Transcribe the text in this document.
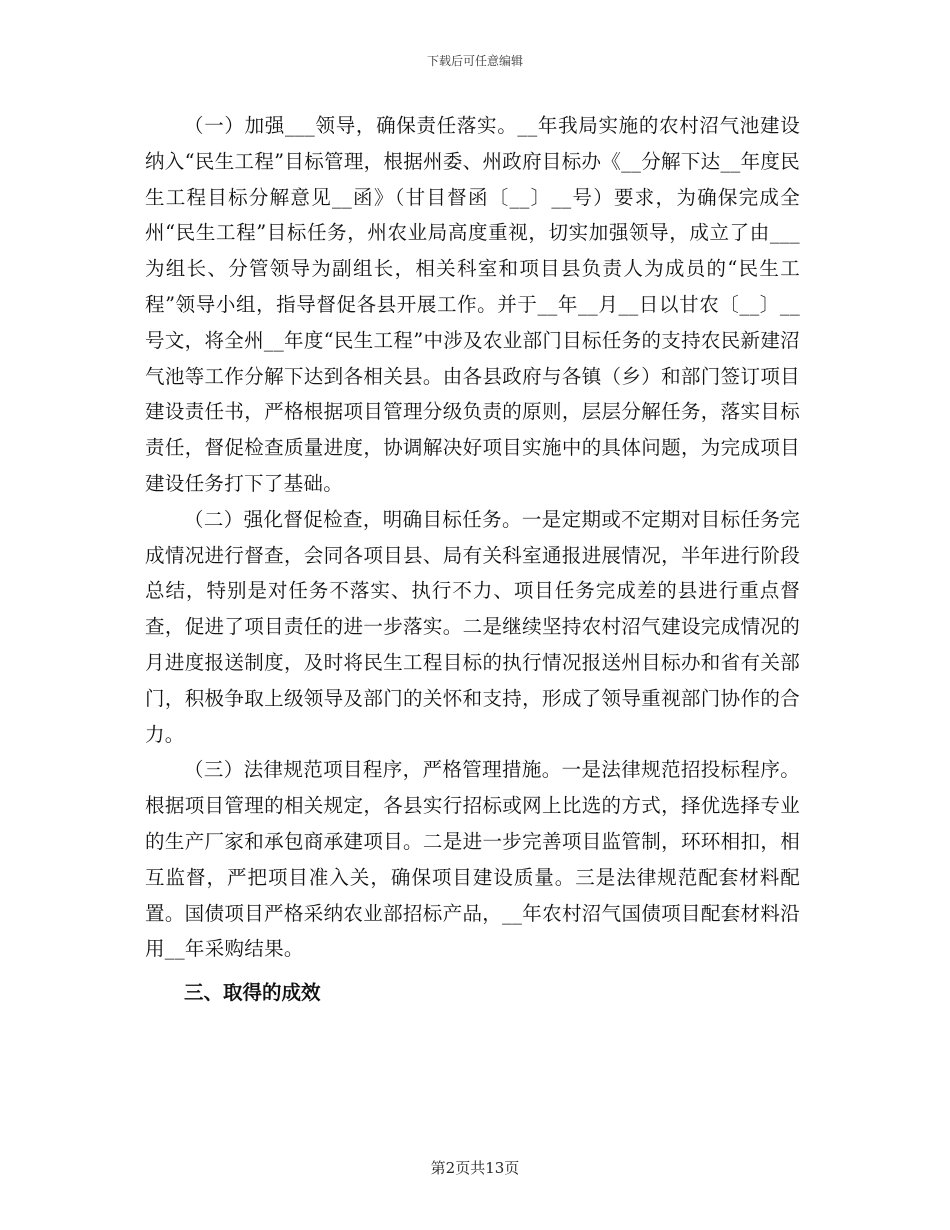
下载后可任意编辑

（一）加强___领导，确保责任落实。__年我局实施的农村沼气池建设纳入“民生工程”目标管理，根据州委、州政府目标办《__分解下达__年度民生工程目标分解意见__函》（甘目督函〔__〕__号）要求，为确保完成全州“民生工程”目标任务，州农业局高度重视，切实加强领导，成立了由___为组长、分管领导为副组长，相关科室和项目县负责人为成员的“民生工程”领导小组，指导督促各县开展工作。并于__年__月__日以甘农〔__〕__号文，将全州__年度“民生工程”中涉及农业部门目标任务的支持农民新建沼气池等工作分解下达到各相关县。由各县政府与各镇（乡）和部门签订项目建设责任书，严格根据项目管理分级负责的原则，层层分解任务，落实目标责任，督促检查质量进度，协调解决好项目实施中的具体问题，为完成项目建设任务打下了基础。

（二）强化督促检查，明确目标任务。一是定期或不定期对目标任务完成情况进行督查，会同各项目县、局有关科室通报进展情况，半年进行阶段总结，特别是对任务不落实、执行不力、项目任务完成差的县进行重点督查，促进了项目责任的进一步落实。二是继续坚持农村沼气建设完成情况的月进度报送制度，及时将民生工程目标的执行情况报送州目标办和省有关部门，积极争取上级领导及部门的关怀和支持，形成了领导重视部门协作的合力。

（三）法律规范项目程序，严格管理措施。一是法律规范招投标程序。根据项目管理的相关规定，各县实行招标或网上比选的方式，择优选择专业的生产厂家和承包商承建项目。二是进一步完善项目监管制，环环相扣，相互监督，严把项目准入关，确保项目建设质量。三是法律规范配套材料配置。国债项目严格采纳农业部招标产品，__年农村沼气国债项目配套材料沿用__年采购结果。

三、取得的成效

第2页共13页
